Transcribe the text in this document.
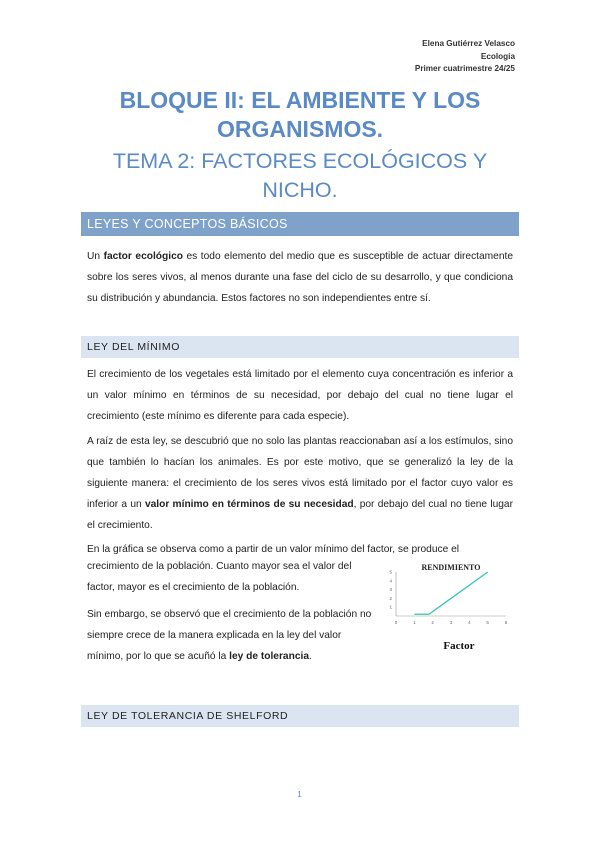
Elena Gutiérrez Velasco
Ecología
Primer cuatrimestre 24/25
BLOQUE II: EL AMBIENTE Y LOS
ORGANISMOS.
TEMA 2: FACTORES ECOLÓGICOS Y
NICHO.
LEYES Y CONCEPTOS BÁSICOS

Un factor ecológico es todo elemento del medio que es susceptible de actuar directamente sobre los seres vivos, al menos durante una fase del ciclo de su desarrollo, y que condiciona su distribución y abundancia. Estos factores no son independientes entre sí.

LEY DEL MÍNIMO

El crecimiento de los vegetales está limitado por el elemento cuya concentración es inferior a un valor mínimo en términos de su necesidad, por debajo del cual no tiene lugar el crecimiento (este mínimo es diferente para cada especie).

A raíz de esta ley, se descubrió que no solo las plantas reaccionaban así a los estímulos, sino que también lo hacían los animales. Es por este motivo, que se generalizó la ley de la siguiente manera: el crecimiento de los seres vivos está limitado por el factor cuyo valor es inferior a un valor mínimo en términos de su necesidad, por debajo del cual no tiene lugar el crecimiento.

En la gráfica se observa como a partir de un valor mínimo del factor, se produce el

crecimiento de la población. Cuanto mayor sea el valor del factor, mayor es el crecimiento de la población.

Sin embargo, se observó que el crecimiento de la población no siempre crece de la manera explicada en la ley del valor mínimo, por lo que se acuñó la ley de tolerancia.

RENDIMIENTO
0	1	2	3	4	5	6
1
2
3
4
5
Factor
LEY DE TOLERANCIA DE SHELFORD
1
